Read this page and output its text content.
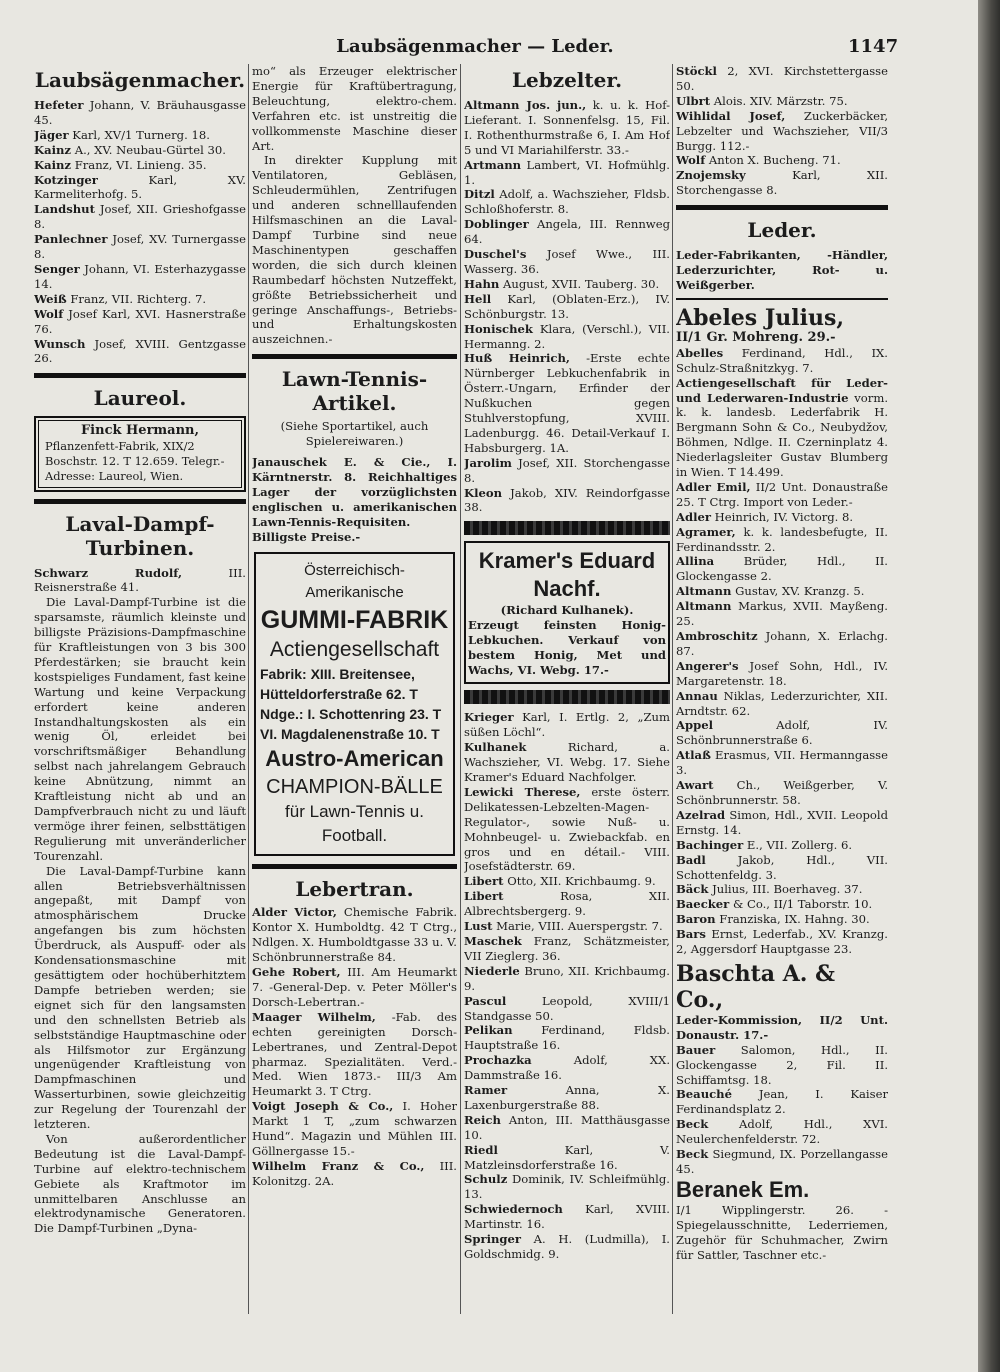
Laubsägenmacher — Leder.	1147
Laubsägenmacher.
Hefeter Johann, V. Bräuhausgasse 45.
Jäger Karl, XV/1 Turnerg. 18.
Kainz A., XV. Neubau-Gürtel 30.
Kainz Franz, VI. Linieng. 35.
Kotzinger Karl, XV. Karmeliterhofg. 5.
Landshut Josef, XII. Grieshofgasse 8.
Panlechner Josef, XV. Turnergasse 8.
Senger Johann, VI. Esterhazygasse 14.
Weiß Franz, VII. Richterg. 7.
Wolf Josef Karl, XVI. Hasnerstraße 76.
Wunsch Josef, XVIII. Gentzgasse 26.
Laureol.
Finck Hermann,
Pflanzenfett-Fabrik, XIX/2
Boschstr. 12. T 12.659. Telegr.-
Adresse: Laureol, Wien.
Laval-Dampf-Turbinen.
Schwarz Rudolf, III. Reisnerstraße 41.
Die Laval-Dampf-Turbine ist die sparsamste, räumlich kleinste und billigste Präzisions-Dampfmaschine für Kraftleistungen von 3 bis 300 Pferdestärken; sie braucht kein kostspieliges Fundament, fast keine Wartung und keine Verpackung erfordert keine anderen Instandhaltungskosten als ein wenig Öl, erleidet bei vorschriftsmäßiger Behandlung selbst nach jahrelangem Gebrauch keine Abnützung, nimmt an Kraftleistung nicht ab und an Dampfverbrauch nicht zu und läuft vermöge ihrer feinen, selbsttätigen Regulierung mit unveränderlicher Tourenzahl.
Die Laval-Dampf-Turbine kann allen Betriebsverhältnissen angepaßt, mit Dampf von atmosphärischem Drucke angefangen bis zum höchsten Überdruck, als Auspuff- oder als Kondensationsmaschine mit gesättigtem oder hochüberhitztem Dampfe betrieben werden; sie eignet sich für den langsamsten und den schnellsten Betrieb als selbstständige Hauptmaschine oder als Hilfsmotor zur Ergänzung ungenügender Kraftleistung von Dampfmaschinen und Wasserturbinen, sowie gleichzeitig zur Regelung der Tourenzahl der letzteren.
Von außerordentlicher Bedeutung ist die Laval-Dampf-Turbine auf elektro-technischem Gebiete als Kraftmotor im unmittelbaren Anschlusse an elektrodynamische Generatoren. Die Dampf-Turbinen „Dyna-
mo“ als Erzeuger elektrischer Energie für Kraftübertragung, Beleuchtung, elektro-chem. Verfahren etc. ist unstreitig die vollkommenste Maschine dieser Art.
In direkter Kupplung mit Ventilatoren, Gebläsen, Schleudermühlen, Zentrifugen und anderen schnelllaufenden Hilfsmaschinen an die Laval-Dampf Turbine sind neue Maschinentypen geschaffen worden, die sich durch kleinen Raumbedarf höchsten Nutzeffekt, größte Betriebssicherheit und geringe Anschaffungs-, Betriebs- und Erhaltungskosten auszeichnen.-
Lawn-Tennis-Artikel.
(Siehe Sportartikel, auch Spielereiwaren.)
Janauschek E. & Cie., I. Kärntnerstr. 8. Reichhaltiges Lager der vorzüglichsten englischen u. amerikanischen Lawn-Tennis-Requisiten. Billigste Preise.-
Österreichisch-Amerikanische
GUMMI-FABRIK
Actiengesellschaft
Fabrik: XIII. Breitensee,
Hütteldorferstraße 62. T
Ndge.: I. Schottenring 23. T
VI. Magdalenenstraße 10. T
Austro-American
CHAMPION-BÄLLE
für Lawn-Tennis u. Football.
Lebertran.
Alder Victor, Chemische Fabrik. Kontor X. Humboldtg. 42 T Ctrg., Ndlgen. X. Humboldtgasse 33 u. V. Schönbrunnerstraße 84.
Gehe Robert, III. Am Heumarkt 7. -General-Dep. v. Peter Möller's Dorsch-Lebertran.-
Maager Wilhelm, -Fab. des echten gereinigten Dorsch-Lebertranes, und Zentral-Depot pharmaz. Spezialitäten. Verd.-Med. Wien 1873.- III/3 Am Heumarkt 3. T Ctrg.
Voigt Joseph & Co., I. Hoher Markt 1 T, „zum schwarzen Hund“. Magazin und Mühlen III. Göllnergasse 15.-
Wilhelm Franz & Co., III. Kolonitzg. 2A.
Lebzelter.
Altmann Jos. jun., k. u. k. Hof-Lieferant. I. Sonnenfelsg. 15, Fil. I. Rothenthurmstraße 6, I. Am Hof 5 und VI Mariahilferstr. 33.-
Artmann Lambert, VI. Hofmühlg. 1.
Ditzl Adolf, a. Wachszieher, Fldsb. Schloßhoferstr. 8.
Doblinger Angela, III. Rennweg 64.
Duschel's Josef Wwe., III. Wasserg. 36.
Hahn August, XVII. Tauberg. 30.
Hell Karl, (Oblaten-Erz.), IV. Schönburgstr. 13.
Honischek Klara, (Verschl.), VII. Hermanng. 2.
Huß Heinrich, -Erste echte Nürnberger Lebkuchenfabrik in Österr.-Ungarn, Erfinder der Nußkuchen gegen Stuhlverstopfung, XVIII. Ladenburgg. 46. Detail-Verkauf I. Habsburgerg. 1A.
Jarolim Josef, XII. Storchengasse 8.
Kleon Jakob, XIV. Reindorfgasse 38.
Kramer's Eduard Nachf.
(Richard Kulhanek).
Erzeugt feinsten Honig-Lebkuchen. Verkauf von bestem Honig, Met und Wachs, VI. Webg. 17.-
Krieger Karl, I. Ertlg. 2, „Zum süßen Löchl“.
Kulhanek Richard, a. Wachszieher, VI. Webg. 17. Siehe Kramer's Eduard Nachfolger.
Lewicki Therese, erste österr. Delikatessen-Lebzelten-Magen-Regulator-, sowie Nuß- u. Mohnbeugel- u. Zwiebackfab. en gros und en détail.- VIII. Josefstädterstr. 69.
Libert Otto, XII. Krichbaumg. 9.
Libert Rosa, XII. Albrechtsbergerg. 9.
Lust Marie, VIII. Auerspergstr. 7.
Maschek Franz, Schätzmeister, VII Zieglerg. 36.
Niederle Bruno, XII. Krichbaumg. 9.
Pascul Leopold, XVIII/1 Standgasse 50.
Pelikan Ferdinand, Fldsb. Hauptstraße 16.
Prochazka Adolf, XX. Dammstraße 16.
Ramer Anna, X. Laxenburgerstraße 88.
Reich Anton, III. Matthäusgasse 10.
Riedl Karl, V. Matzleinsdorferstraße 16.
Schulz Dominik, IV. Schleifmühlg. 13.
Schwiedernoch Karl, XVIII. Martinstr. 16.
Springer A. H. (Ludmilla), I. Goldschmidg. 9.
Stöckl 2, XVI. Kirchstettergasse 50.
Ulbrt Alois. XIV. Märzstr. 75.
Wihlidal Josef, Zuckerbäcker, Lebzelter und Wachszieher, VII/3 Burgg. 112.-
Wolf Anton X. Bucheng. 71.
Znojemsky Karl, XII. Storchengasse 8.
Leder.
Leder-Fabrikanten, -Händler, Lederzurichter, Rot- u. Weißgerber.
Abeles Julius,
II/1 Gr. Mohreng. 29.-
Abelles Ferdinand, Hdl., IX. Schulz-Straßnitzkyg. 7.
Actiengesellschaft für Leder- und Lederwaren-Industrie vorm. k. k. landesb. Lederfabrik H. Bergmann Sohn & Co., Neubydžov, Böhmen, Ndlge. II. Czerninplatz 4. Niederlagsleiter Gustav Blumberg in Wien. T 14.499.
Adler Emil, II/2 Unt. Donaustraße 25. T Ctrg. Import von Leder.-
Adler Heinrich, IV. Victorg. 8.
Agramer, k. k. landesbefugte, II. Ferdinandsstr. 2.
Allina Brüder, Hdl., II. Glockengasse 2.
Altmann Gustav, XV. Kranzg. 5.
Altmann Markus, XVII. Mayßeng. 25.
Ambroschitz Johann, X. Erlachg. 87.
Angerer's Josef Sohn, Hdl., IV. Margaretenstr. 18.
Annau Niklas, Lederzurichter, XII. Arndtstr. 62.
Appel Adolf, IV. Schönbrunnerstraße 6.
Atlaß Erasmus, VII. Hermanngasse 3.
Awart Ch., Weißgerber, V. Schönbrunnerstr. 58.
Azelrad Simon, Hdl., XVII. Leopold Ernstg. 14.
Bachinger E., VII. Zollerg. 6.
Badl Jakob, Hdl., VII. Schottenfeldg. 3.
Bäck Julius, III. Boerhaveg. 37.
Baecker & Co., II/1 Taborstr. 10.
Baron Franziska, IX. Hahng. 30.
Bars Ernst, Lederfab., XV. Kranzg. 2, Aggersdorf Hauptgasse 23.
Baschta A. & Co.,
Leder-Kommission, II/2 Unt. Donaustr. 17.-
Bauer Salomon, Hdl., II. Glockengasse 2, Fil. II. Schiffamtsg. 18.
Beauché Jean, I. Kaiser Ferdinandsplatz 2.
Beck Adolf, Hdl., XVI. Neulerchenfelderstr. 72.
Beck Siegmund, IX. Porzellangasse 45.
Beranek Em.
I/1 Wipplingerstr. 26. -Spiegelausschnitte, Lederriemen, Zugehör für Schuhmacher, Zwirn für Sattler, Taschner etc.-
